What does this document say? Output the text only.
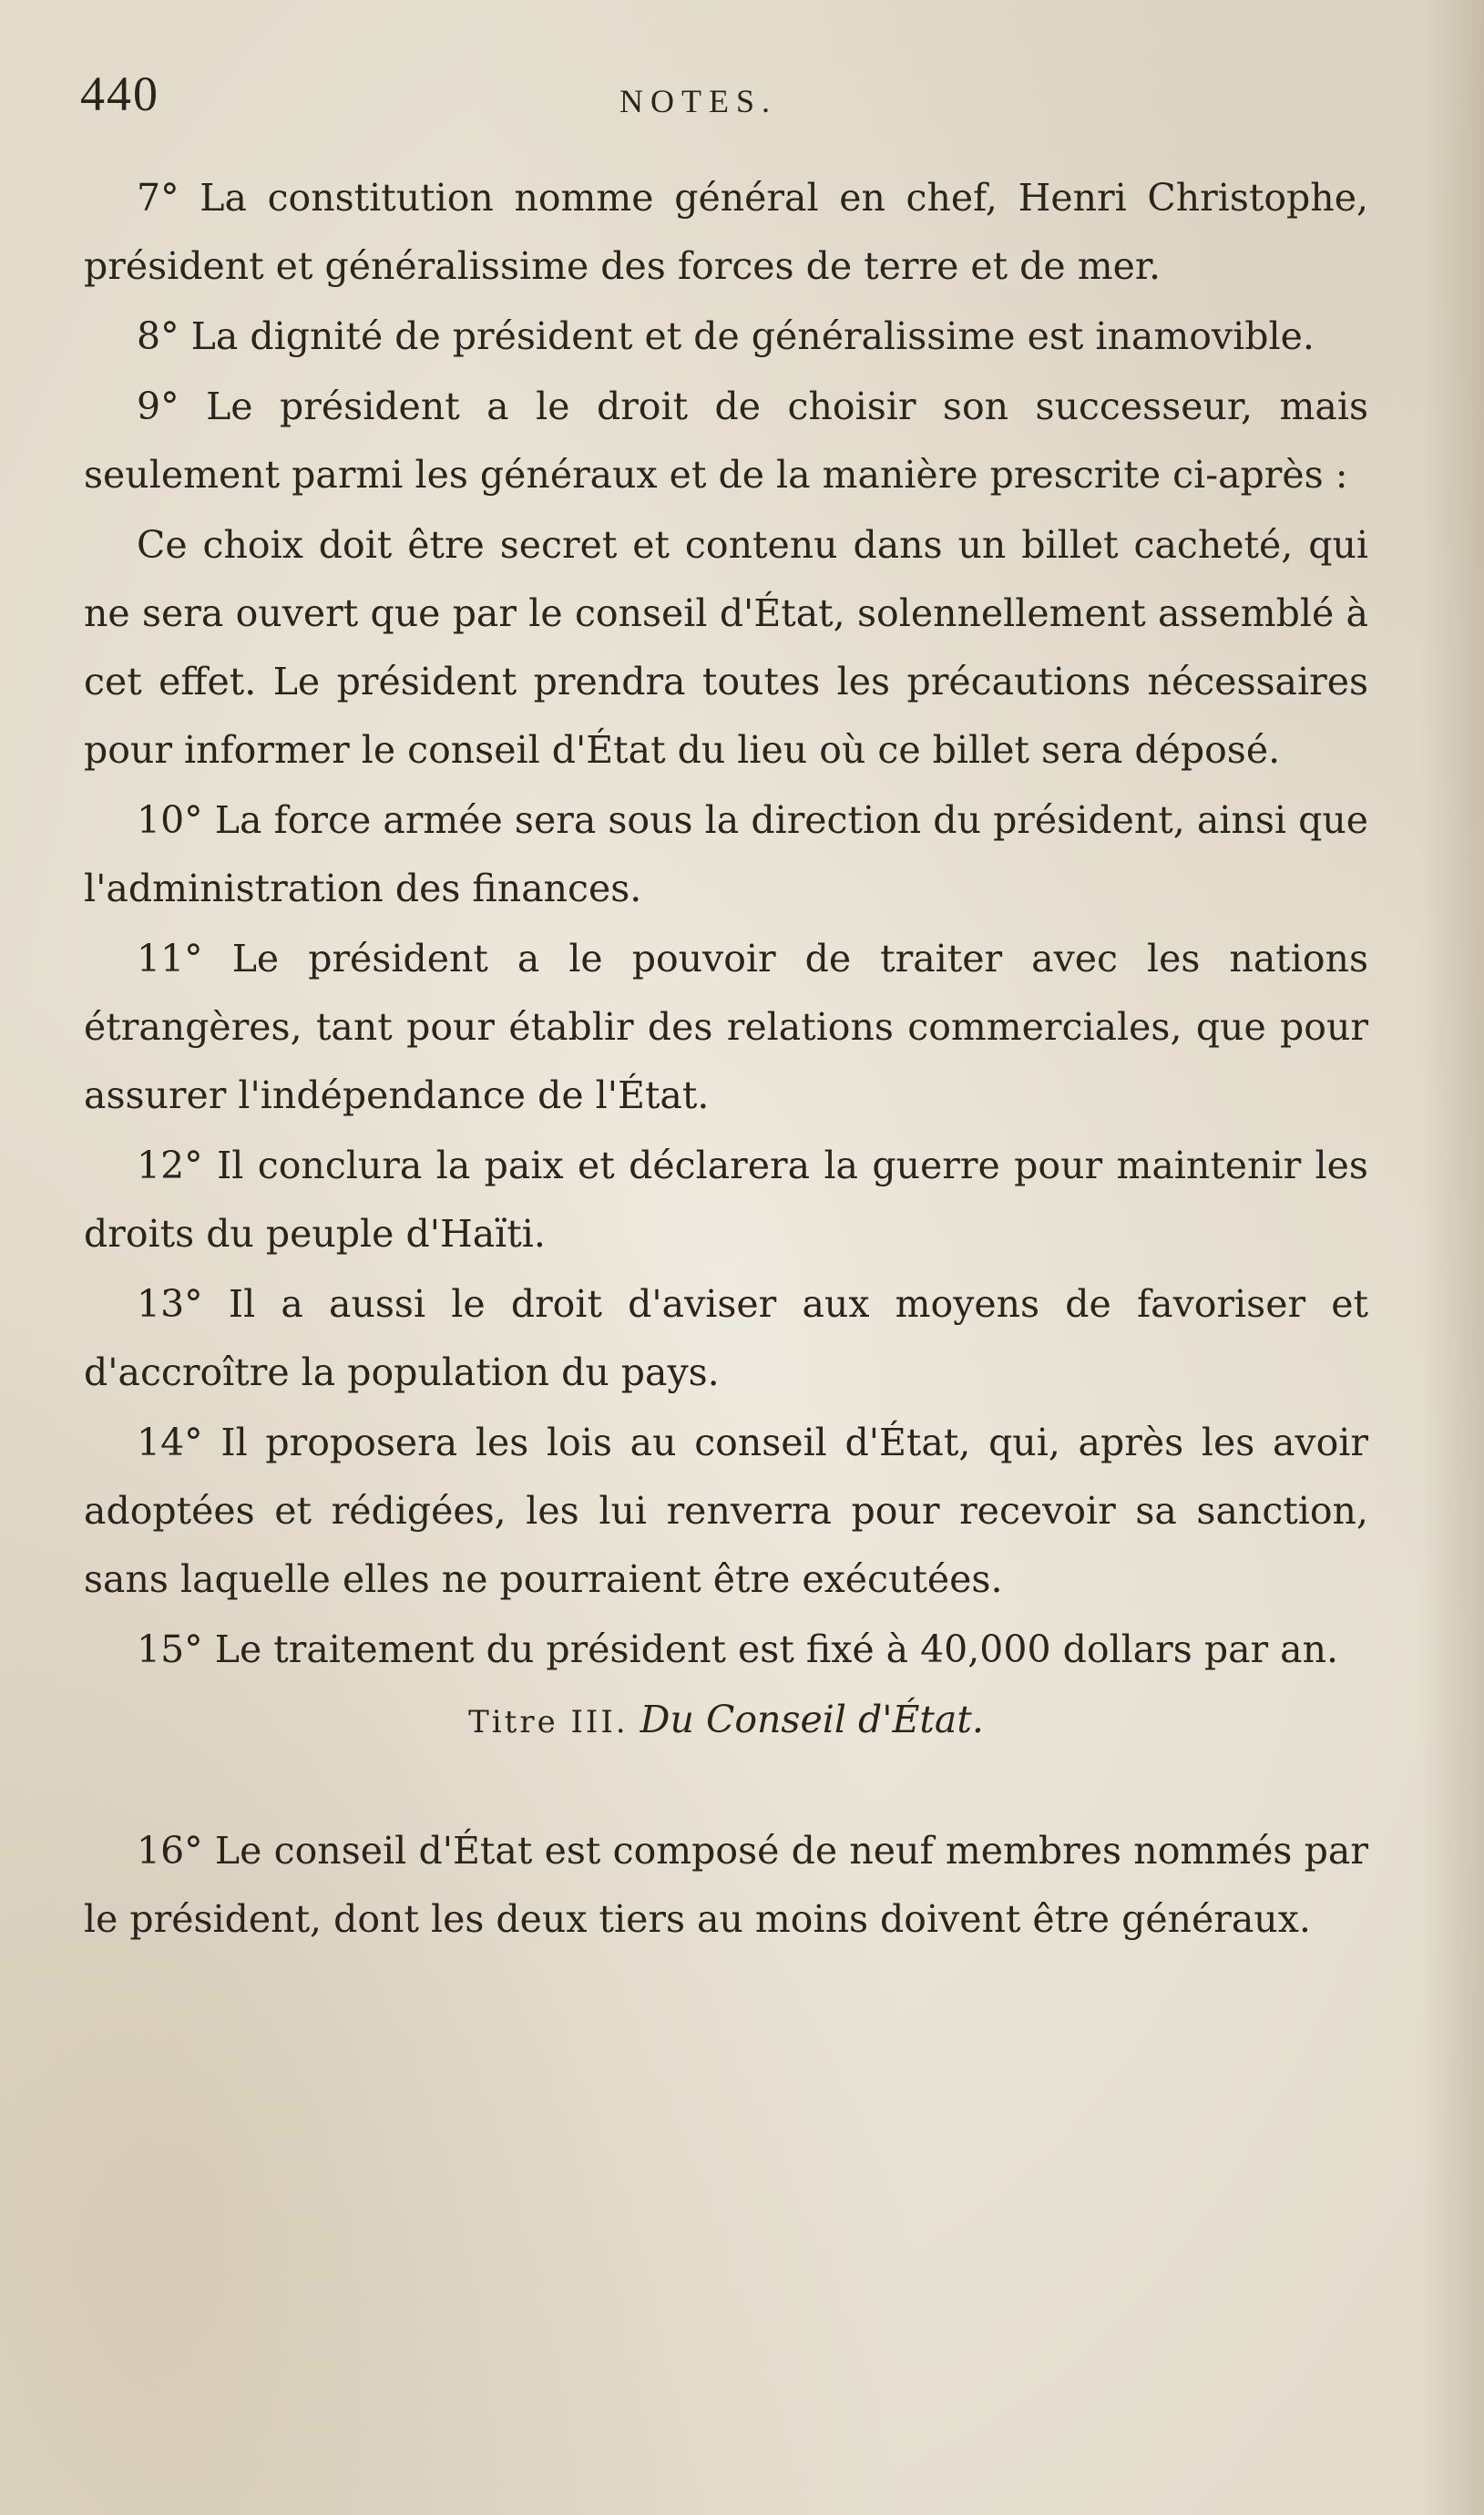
440	NOTES.

7° La constitution nomme général en chef, Henri Christophe, président et généralissime des forces de terre et de mer.

8° La dignité de président et de généralissime est inamovible.

9° Le président a le droit de choisir son successeur, mais seulement parmi les généraux et de la manière prescrite ci-après :

Ce choix doit être secret et contenu dans un billet cacheté, qui ne sera ouvert que par le conseil d'État, solennellement assemblé à cet effet. Le président prendra toutes les précautions nécessaires pour informer le conseil d'État du lieu où ce billet sera déposé.

10° La force armée sera sous la direction du président, ainsi que l'administration des finances.

11° Le président a le pouvoir de traiter avec les nations étrangères, tant pour établir des relations commerciales, que pour assurer l'indépendance de l'État.

12° Il conclura la paix et déclarera la guerre pour maintenir les droits du peuple d'Haïti.

13° Il a aussi le droit d'aviser aux moyens de favoriser et d'accroître la population du pays.

14° Il proposera les lois au conseil d'État, qui, après les avoir adoptées et rédigées, les lui renverra pour recevoir sa sanction, sans laquelle elles ne pourraient être exécutées.

15° Le traitement du président est fixé à 40,000 dollars par an.

Titre III. Du Conseil d'État.

16° Le conseil d'État est composé de neuf membres nommés par le président, dont les deux tiers au moins doivent être généraux.
